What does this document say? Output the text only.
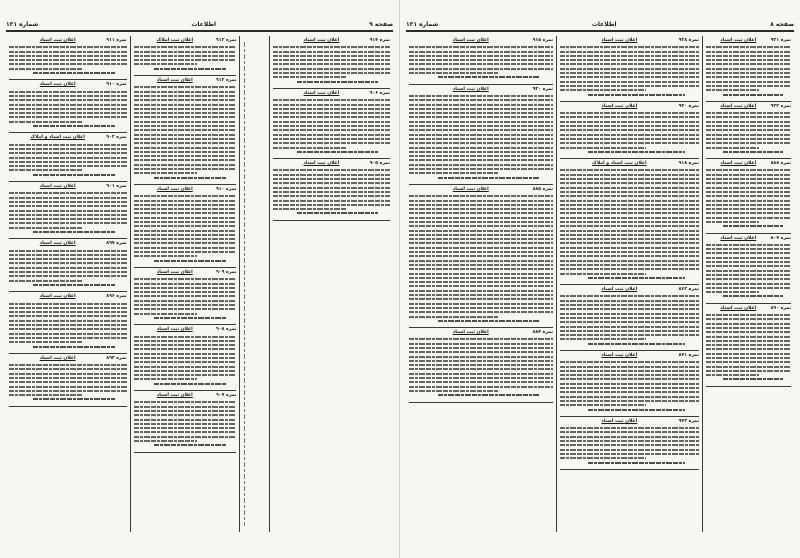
صفحه ۹
اطلاعات
شماره ۱۳۱
نمره ۹۱۴
اعلان ثبت اسناد
نمره ۹۰۶
اعلان ثبت اسناد
نمره ۹۰۵
اعلان ثبت اسناد
نمره ۹۱۳
اعلان ثبت املاک
نمره ۹۱۲
اعلان ثبت اسناد
نمره ۹۱۰
اعلان ثبت اسناد
نمره ۹۰۹
اعلان ثبت اسناد
نمره ۹۰۸
اعلان ثبت اسناد
نمره ۹۰۷
اعلان ثبت اسناد
نمره ۹۱۱
اعلان ثبت اسناد
نمره ۹۱۰
اعلان ثبت اسناد
نمره ۹۰۲
اعلان ثبت اسناد و املاک
نمره ۹۰۱
اعلان ثبت اسناد
نمره ۸۹۷
اعلان ثبت اسناد
نمره ۸۹۶
اعلان ثبت اسناد
نمره ۸۹۳
اعلان ثبت اسناد
صفحه ۸
اطلاعات
شماره ۱۳۱
نمره ۹۲۱
اعلان ثبت اسناد
نمره ۹۲۲
اعلان ثبت اسناد
نمره ۸۸۸
اعلان ثبت اسناد
نمره ۸۰۷
اعلان ثبت اسناد
نمره ۸۹۰
اعلان ثبت اسناد
نمره ۹۲۸
اعلان ثبت اسناد
نمره ۹۳۰
اعلان ثبت اسناد
نمره ۹۱۸
اعلان ثبت اسناد و املاک
نمره ۸۶۲
اعلان ثبت اسناد
نمره ۸۷۱
اعلان ثبت اسناد
نمره ۹۴۲
اعلان ثبت اسناد
نمره ۹۱۵
اعلان ثبت اسناد
نمره ۹۲۰
اعلان ثبت اسناد
نمره ۸۸۵
اعلان ثبت اسناد
نمره ۸۸۴
اعلان ثبت اسناد
